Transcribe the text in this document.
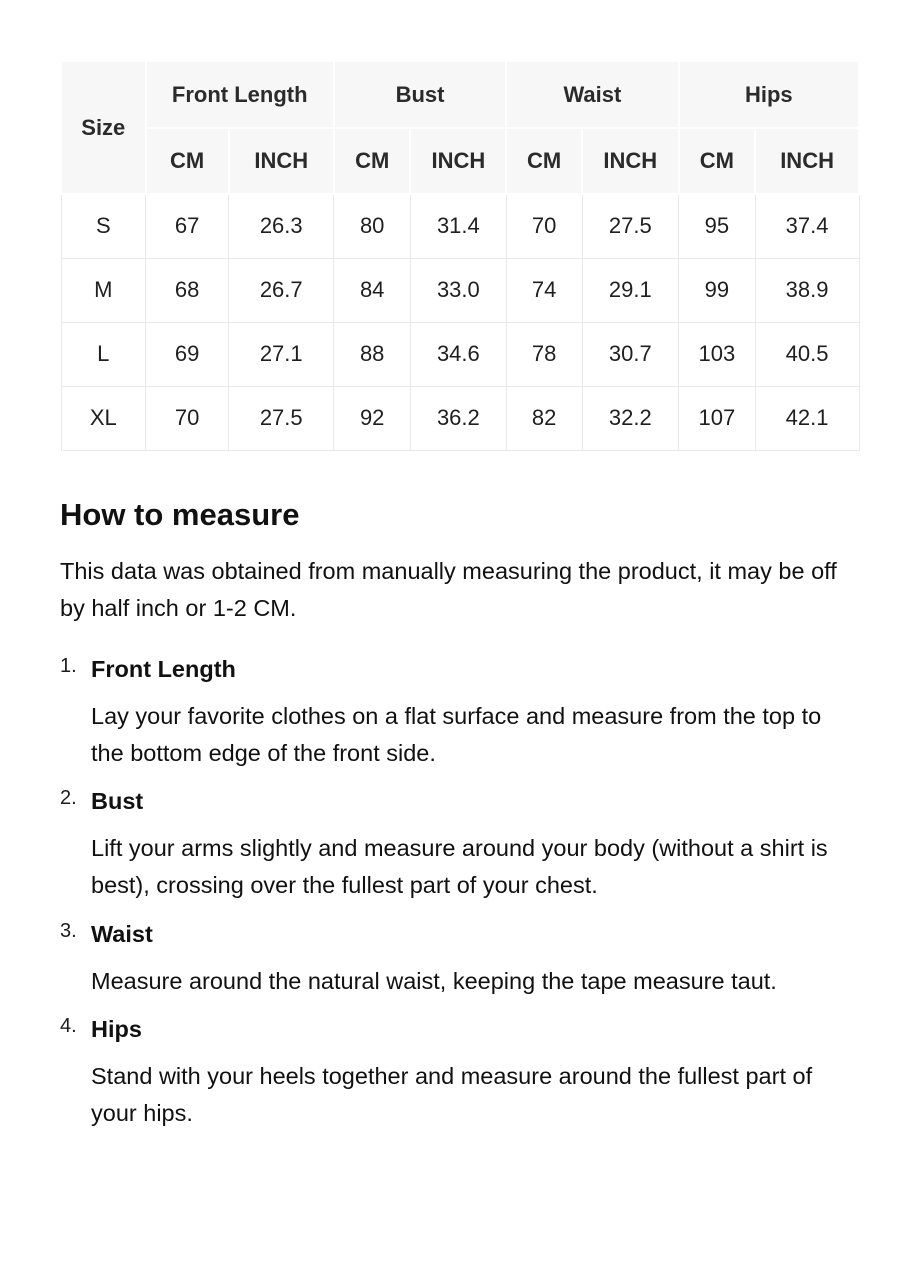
Size	Front Length		Bust		Waist		Hips	
	CM	INCH	CM	INCH	CM	INCH	CM	INCH
S	67	26.3	80	31.4	70	27.5	95	37.4
M	68	26.7	84	33.0	74	29.1	99	38.9
L	69	27.1	88	34.6	78	30.7	103	40.5
XL	70	27.5	92	36.2	82	32.2	107	42.1
How to measure

This data was obtained from manually measuring the product, it may be off by half inch or 1-2 CM.

1. Front Length
Lay your favorite clothes on a flat surface and measure from the top to the bottom edge of the front side.
2. Bust
Lift your arms slightly and measure around your body (without a shirt is best), crossing over the fullest part of your chest.
3. Waist
Measure around the natural waist, keeping the tape measure taut.
4. Hips
Stand with your heels together and measure around the fullest part of your hips.
